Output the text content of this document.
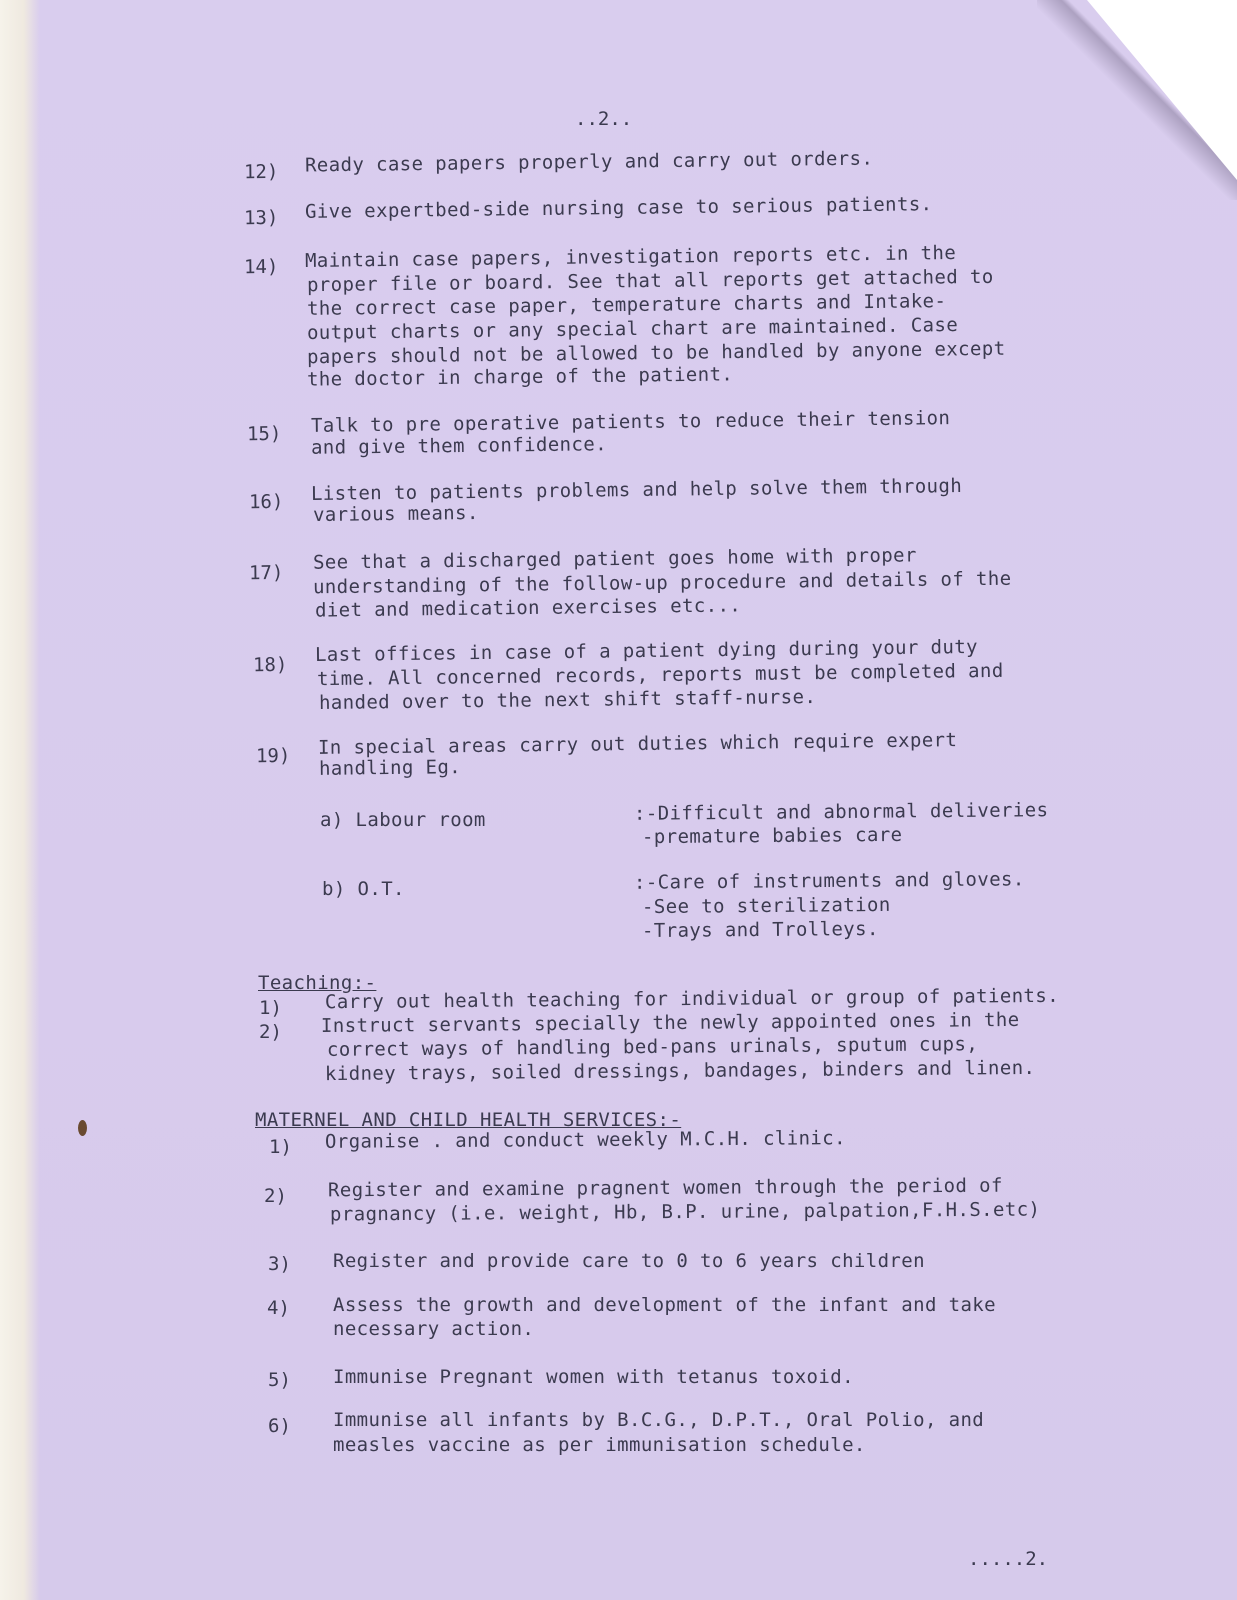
..2..
12) Ready case papers properly and carry out orders.
13) Give expertbed-side nursing case to serious patients.
14) Maintain case papers, investigation reports etc. in the
proper file or board. See that all reports get attached to
the correct case paper, temperature charts and Intake-
output charts or any special chart are maintained. Case
papers should not be allowed to be handled by anyone except
the doctor in charge of the patient.
15) Talk to pre operative patients to reduce their tension
and give them confidence.
16) Listen to patients problems and help solve them through
various means.
17) See that a discharged patient goes home with proper
understanding of the follow-up procedure and details of the
diet and medication exercises etc...
18) Last offices in case of a patient dying during your duty
time. All concerned records, reports must be completed and
handed over to the next shift staff-nurse.
19) In special areas carry out duties which require expert
handling Eg.
a) Labour room	:-Difficult and abnormal deliveries
-premature babies care
b) O.T.	:-Care of instruments and gloves.
-See to sterilization
-Trays and Trolleys.
Teaching:-
1) Carry out health teaching for individual or group of patients.
2) Instruct servants specially the newly appointed ones in the
correct ways of handling bed-pans urinals, sputum cups,
kidney trays, soiled dressings, bandages, binders and linen.
MATERNEL AND CHILD HEALTH SERVICES:-
1) Organise . and conduct weekly M.C.H. clinic.
2) Register and examine pragnent women through the period of
pragnancy (i.e. weight, Hb, B.P. urine, palpation,F.H.S.etc)
3) Register and provide care to 0 to 6 years children
4) Assess the growth and development of the infant and take
necessary action.
5) Immunise Pregnant women with tetanus toxoid.
6) Immunise all infants by B.C.G., D.P.T., Oral Polio, and
measles vaccine as per immunisation schedule.
.....2.
